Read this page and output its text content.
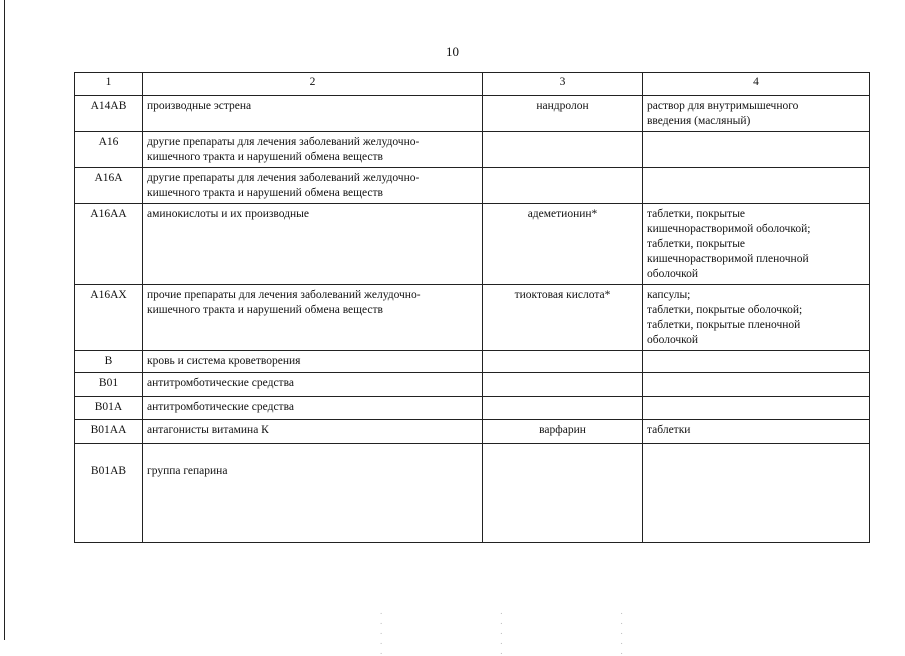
10
1	2	3	4
A14AB	производные эстрена	нандролон	раствор для внутримышечного
введения (масляный)
A16	другие препараты для лечения заболеваний желудочно-
кишечного тракта и нарушений обмена веществ		
A16A	другие препараты для лечения заболеваний желудочно-
кишечного тракта и нарушений обмена веществ		
A16AA	аминокислоты и их производные	адеметионин*	таблетки, покрытые
кишечнорастворимой оболочкой;
таблетки, покрытые
кишечнорастворимой пленочной
оболочкой
A16AX	прочие препараты для лечения заболеваний желудочно-
кишечного тракта и нарушений обмена веществ	тиоктовая кислота*	капсулы;
таблетки, покрытые оболочкой;
таблетки, покрытые пленочной
оболочкой
B	кровь и система кроветворения		
B01	антитромботические средства		
B01A	антитромботические средства		
B01AA	антагонисты витамина К	варфарин	таблетки
B01AB	группа гепарина		
... ... ... ... ...
